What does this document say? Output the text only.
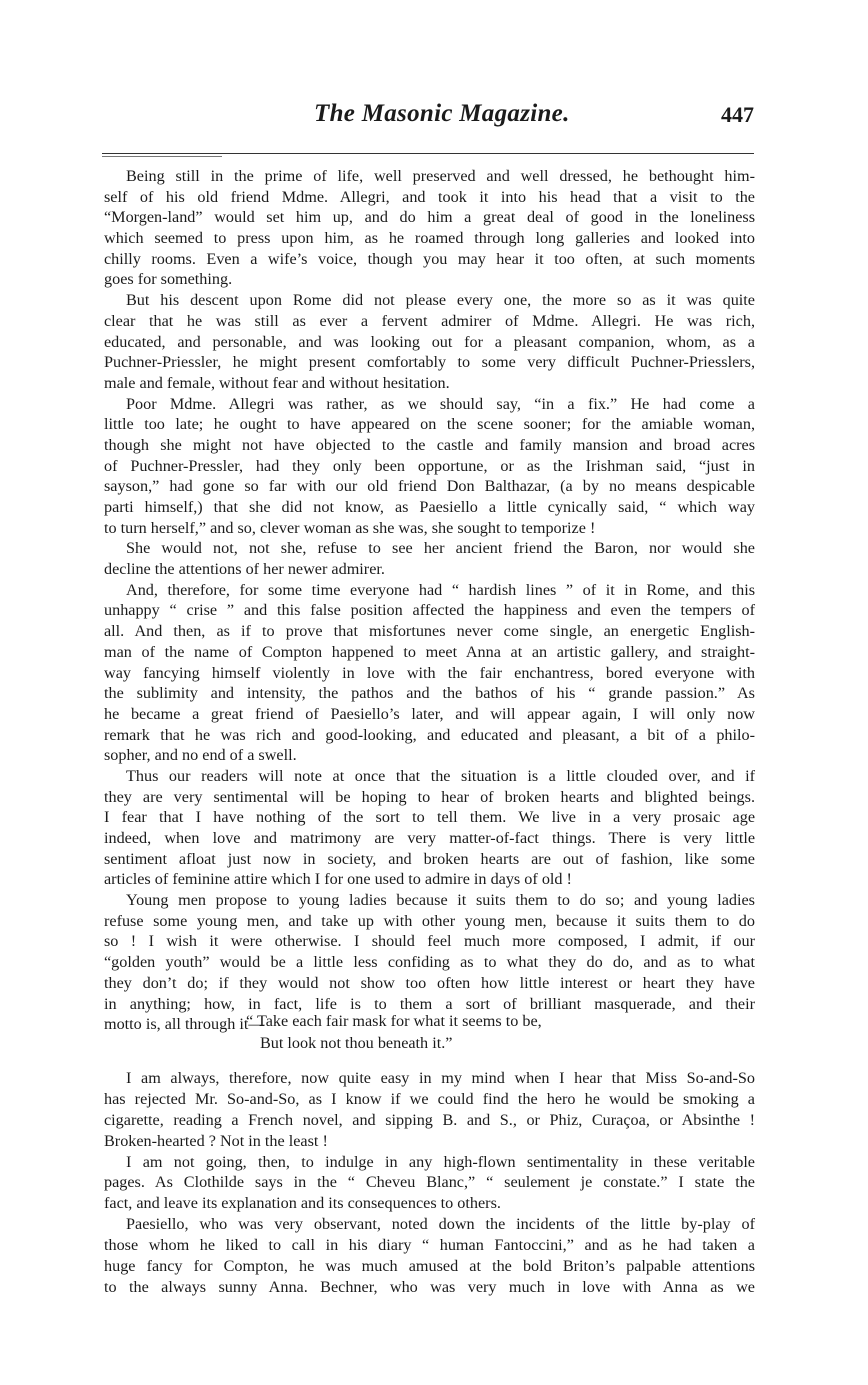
The Masonic Magazine.	447
Being still in the prime of life, well preserved and well dressed, he bethought him-
self of his old friend Mdme. Allegri, and took it into his head that a visit to the
“Morgen-land” would set him up, and do him a great deal of good in the loneliness
which seemed to press upon him, as he roamed through long galleries and looked into
chilly rooms. Even a wife’s voice, though you may hear it too often, at such moments
goes for something.
But his descent upon Rome did not please every one, the more so as it was quite
clear that he was still as ever a fervent admirer of Mdme. Allegri. He was rich,
educated, and personable, and was looking out for a pleasant companion, whom, as a
Puchner-Priessler, he might present comfortably to some very difficult Puchner-Priesslers,
male and female, without fear and without hesitation.
Poor Mdme. Allegri was rather, as we should say, “in a fix.” He had come a
little too late; he ought to have appeared on the scene sooner; for the amiable woman,
though she might not have objected to the castle and family mansion and broad acres
of Puchner-Pressler, had they only been opportune, or as the Irishman said, “just in
sayson,” had gone so far with our old friend Don Balthazar, (a by no means despicable
parti himself,) that she did not know, as Paesiello a little cynically said, “ which way
to turn herself,” and so, clever woman as she was, she sought to temporize !
She would not, not she, refuse to see her ancient friend the Baron, nor would she
decline the attentions of her newer admirer.
And, therefore, for some time everyone had “ hardish lines ” of it in Rome, and this
unhappy “ crise ” and this false position affected the happiness and even the tempers of
all. And then, as if to prove that misfortunes never come single, an energetic English-
man of the name of Compton happened to meet Anna at an artistic gallery, and straight-
way fancying himself violently in love with the fair enchantress, bored everyone with
the sublimity and intensity, the pathos and the bathos of his “ grande passion.” As
he became a great friend of Paesiello’s later, and will appear again, I will only now
remark that he was rich and good-looking, and educated and pleasant, a bit of a philo-
sopher, and no end of a swell.
Thus our readers will note at once that the situation is a little clouded over, and if
they are very sentimental will be hoping to hear of broken hearts and blighted beings.
I fear that I have nothing of the sort to tell them. We live in a very prosaic age
indeed, when love and matrimony are very matter-of-fact things. There is very little
sentiment afloat just now in society, and broken hearts are out of fashion, like some
articles of feminine attire which I for one used to admire in days of old !
Young men propose to young ladies because it suits them to do so; and young ladies
refuse some young men, and take up with other young men, because it suits them to do
so ! I wish it were otherwise. I should feel much more composed, I admit, if our
“golden youth” would be a little less confiding as to what they do do, and as to what
they don’t do; if they would not show too often how little interest or heart they have
in anything; how, in fact, life is to them a sort of brilliant masquerade, and their
motto is, all through it—
“ Take each fair mask for what it seems to be,
But look not thou beneath it.”
I am always, therefore, now quite easy in my mind when I hear that Miss So-and-So
has rejected Mr. So-and-So, as I know if we could find the hero he would be smoking a
cigarette, reading a French novel, and sipping B. and S., or Phiz, Curaçoa, or Absinthe !
Broken-hearted ? Not in the least !
I am not going, then, to indulge in any high-flown sentimentality in these veritable
pages. As Clothilde says in the “ Cheveu Blanc,” “ seulement je constate.” I state the
fact, and leave its explanation and its consequences to others.
Paesiello, who was very observant, noted down the incidents of the little by-play of
those whom he liked to call in his diary “ human Fantoccini,” and as he had taken a
huge fancy for Compton, he was much amused at the bold Briton’s palpable attentions
to the always sunny Anna. Bechner, who was very much in love with Anna as we
